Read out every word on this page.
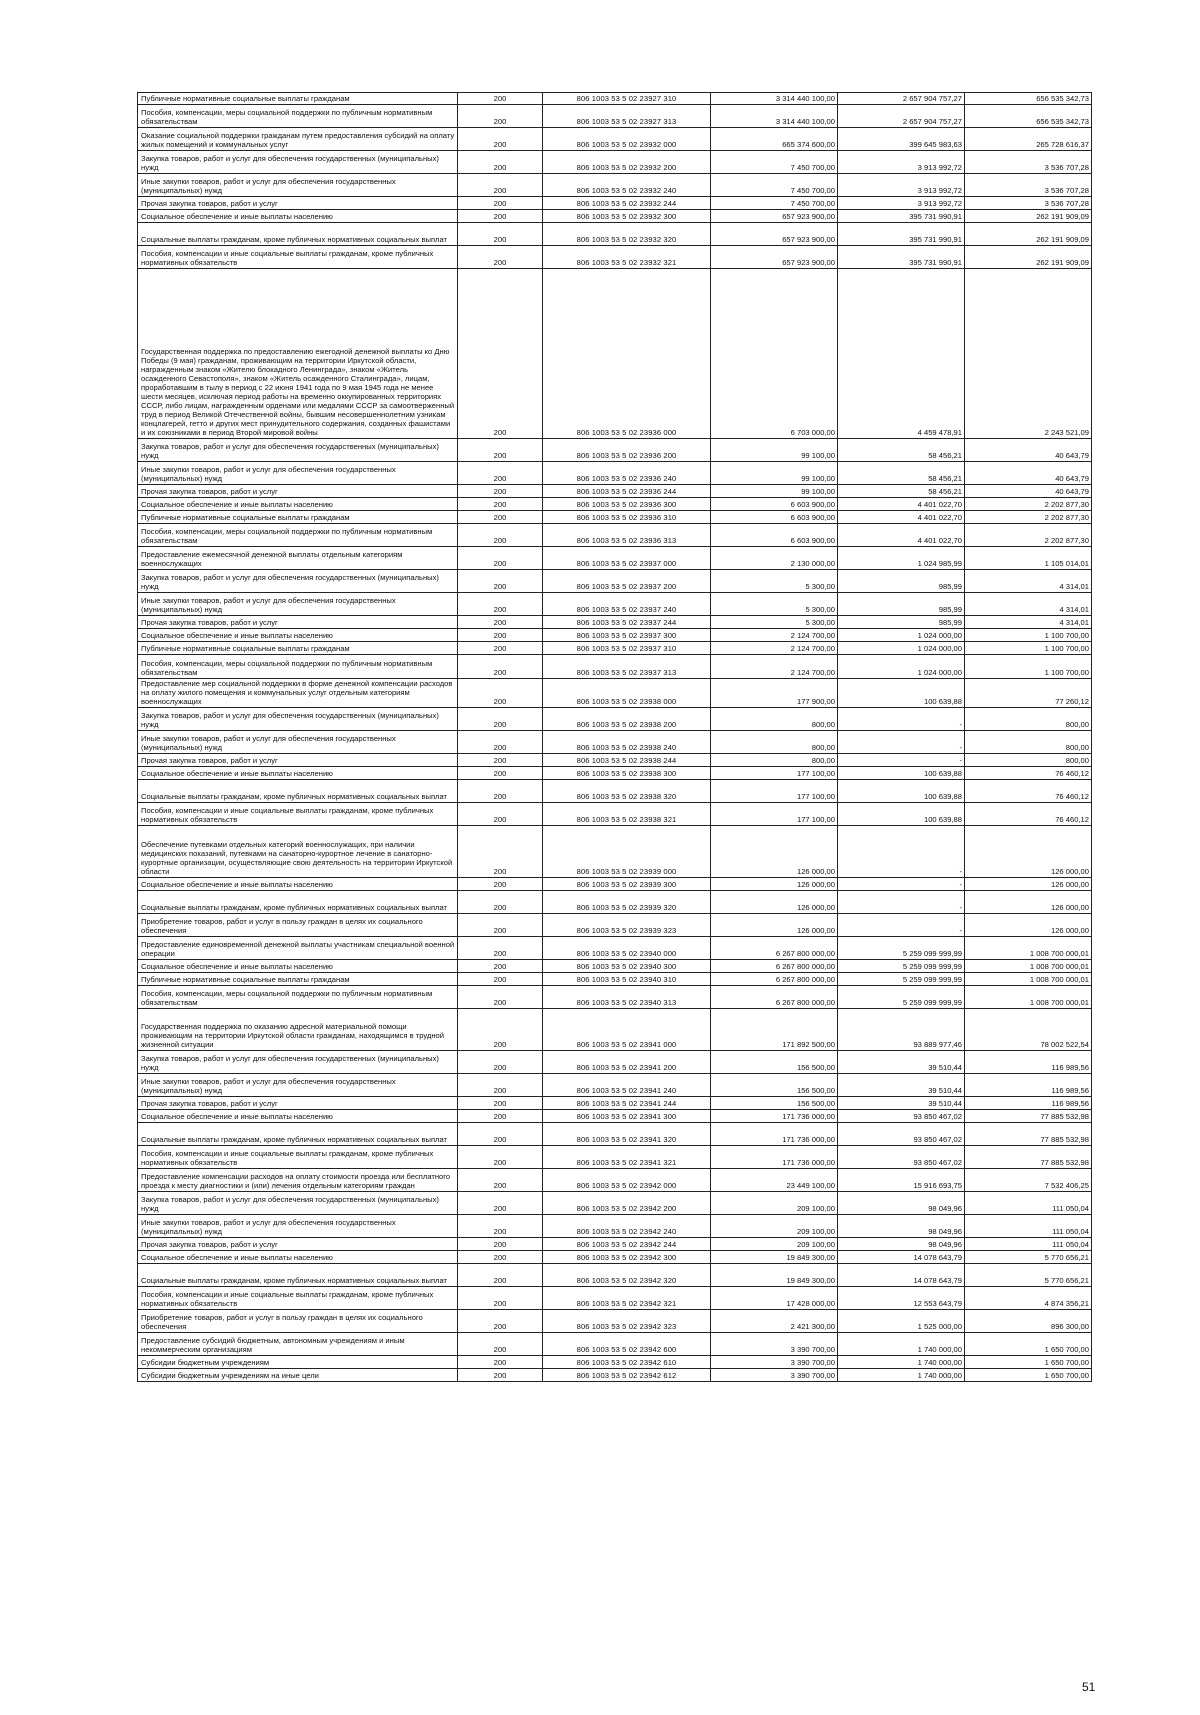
Публичные нормативные социальные выплаты гражданам	200	806 1003 53 5 02 23927 310	3 314 440 100,00	2 657 904 757,27	656 535 342,73
Пособия, компенсации, меры социальной поддержки по публичным нормативным обязательствам	200	806 1003 53 5 02 23927 313	3 314 440 100,00	2 657 904 757,27	656 535 342,73
Оказание социальной поддержки гражданам путем предоставления субсидий на оплату жилых помещений и коммунальных услуг	200	806 1003 53 5 02 23932 000	665 374 600,00	399 645 983,63	265 728 616,37
Закупка товаров, работ и услуг для обеспечения государственных (муниципальных) нужд	200	806 1003 53 5 02 23932 200	7 450 700,00	3 913 992,72	3 536 707,28
Иные закупки товаров, работ и услуг для обеспечения государственных (муниципальных) нужд	200	806 1003 53 5 02 23932 240	7 450 700,00	3 913 992,72	3 536 707,28
Прочая закупка товаров, работ и услуг	200	806 1003 53 5 02 23932 244	7 450 700,00	3 913 992,72	3 536 707,28
Социальное обеспечение и иные выплаты населению	200	806 1003 53 5 02 23932 300	657 923 900,00	395 731 990,91	262 191 909,09
Социальные выплаты гражданам, кроме публичных нормативных социальных выплат	200	806 1003 53 5 02 23932 320	657 923 900,00	395 731 990,91	262 191 909,09
Пособия, компенсации и иные социальные выплаты гражданам, кроме публичных нормативных обязательств	200	806 1003 53 5 02 23932 321	657 923 900,00	395 731 990,91	262 191 909,09
Государственная поддержка по предоставлению ежегодной денежной выплаты ко Дню Победы (9 мая) гражданам, проживающим на территории Иркутской области, награжденным знаком «Жителю блокадного Ленинграда», знаком «Житель осажденного Севастополя», знаком «Житель осажденного Сталинграда», лицам, проработавшим в тылу в период с 22 июня 1941 года по 9 мая 1945 года не менее шести месяцев, исключая период работы на временно оккупированных территориях СССР, либо лицам, награжденным орденами или медалями СССР за самоотверженный труд в период Великой Отечественной войны, бывшим несовершеннолетним узникам концлагерей, гетто и других мест принудительного содержания, созданных фашистами и их союзниками в период Второй мировой войны	200	806 1003 53 5 02 23936 000	6 703 000,00	4 459 478,91	2 243 521,09
Закупка товаров, работ и услуг для обеспечения государственных (муниципальных) нужд	200	806 1003 53 5 02 23936 200	99 100,00	58 456,21	40 643,79
Иные закупки товаров, работ и услуг для обеспечения государственных (муниципальных) нужд	200	806 1003 53 5 02 23936 240	99 100,00	58 456,21	40 643,79
Прочая закупка товаров, работ и услуг	200	806 1003 53 5 02 23936 244	99 100,00	58 456,21	40 643,79
Социальное обеспечение и иные выплаты населению	200	806 1003 53 5 02 23936 300	6 603 900,00	4 401 022,70	2 202 877,30
Публичные нормативные социальные выплаты гражданам	200	806 1003 53 5 02 23936 310	6 603 900,00	4 401 022,70	2 202 877,30
Пособия, компенсации, меры социальной поддержки по публичным нормативным обязательствам	200	806 1003 53 5 02 23936 313	6 603 900,00	4 401 022,70	2 202 877,30
Предоставление ежемесячной денежной выплаты отдельным категориям военнослужащих	200	806 1003 53 5 02 23937 000	2 130 000,00	1 024 985,99	1 105 014,01
Закупка товаров, работ и услуг для обеспечения государственных (муниципальных) нужд	200	806 1003 53 5 02 23937 200	5 300,00	985,99	4 314,01
Иные закупки товаров, работ и услуг для обеспечения государственных (муниципальных) нужд	200	806 1003 53 5 02 23937 240	5 300,00	985,99	4 314,01
Прочая закупка товаров, работ и услуг	200	806 1003 53 5 02 23937 244	5 300,00	985,99	4 314,01
Социальное обеспечение и иные выплаты населению	200	806 1003 53 5 02 23937 300	2 124 700,00	1 024 000,00	1 100 700,00
Публичные нормативные социальные выплаты гражданам	200	806 1003 53 5 02 23937 310	2 124 700,00	1 024 000,00	1 100 700,00
Пособия, компенсации, меры социальной поддержки по публичным нормативным обязательствам	200	806 1003 53 5 02 23937 313	2 124 700,00	1 024 000,00	1 100 700,00
Предоставление мер социальной поддержки в форме денежной компенсации расходов на оплату жилого помещения и коммунальных услуг отдельным категориям военнослужащих	200	806 1003 53 5 02 23938 000	177 900,00	100 639,88	77 260,12
Закупка товаров, работ и услуг для обеспечения государственных (муниципальных) нужд	200	806 1003 53 5 02 23938 200	800,00	-	800,00
Иные закупки товаров, работ и услуг для обеспечения государственных (муниципальных) нужд	200	806 1003 53 5 02 23938 240	800,00	-	800,00
Прочая закупка товаров, работ и услуг	200	806 1003 53 5 02 23938 244	800,00	-	800,00
Социальное обеспечение и иные выплаты населению	200	806 1003 53 5 02 23938 300	177 100,00	100 639,88	76 460,12
Социальные выплаты гражданам, кроме публичных нормативных социальных выплат	200	806 1003 53 5 02 23938 320	177 100,00	100 639,88	76 460,12
Пособия, компенсации и иные социальные выплаты гражданам, кроме публичных нормативных обязательств	200	806 1003 53 5 02 23938 321	177 100,00	100 639,88	76 460,12
Обеспечение путевками отдельных категорий военнослужащих, при наличии медицинских показаний, путевками на санаторно-курортное лечение в санаторно-курортные организации, осуществляющие свою деятельность на территории Иркутской области	200	806 1003 53 5 02 23939 000	126 000,00	-	126 000,00
Социальное обеспечение и иные выплаты населению	200	806 1003 53 5 02 23939 300	126 000,00	-	126 000,00
Социальные выплаты гражданам, кроме публичных нормативных социальных выплат	200	806 1003 53 5 02 23939 320	126 000,00	-	126 000,00
Приобретение товаров, работ и услуг в пользу граждан в целях их социального обеспечения	200	806 1003 53 5 02 23939 323	126 000,00	-	126 000,00
Предоставление единовременной денежной выплаты участникам специальной военной операции	200	806 1003 53 5 02 23940 000	6 267 800 000,00	5 259 099 999,99	1 008 700 000,01
Социальное обеспечение и иные выплаты населению	200	806 1003 53 5 02 23940 300	6 267 800 000,00	5 259 099 999,99	1 008 700 000,01
Публичные нормативные социальные выплаты гражданам	200	806 1003 53 5 02 23940 310	6 267 800 000,00	5 259 099 999,99	1 008 700 000,01
Пособия, компенсации, меры социальной поддержки по публичным нормативным обязательствам	200	806 1003 53 5 02 23940 313	6 267 800 000,00	5 259 099 999,99	1 008 700 000,01
Государственная поддержка по оказанию адресной материальной помощи проживающим на территории Иркутской области гражданам, находящимся в трудной жизненной ситуации	200	806 1003 53 5 02 23941 000	171 892 500,00	93 889 977,46	78 002 522,54
Закупка товаров, работ и услуг для обеспечения государственных (муниципальных) нужд	200	806 1003 53 5 02 23941 200	156 500,00	39 510,44	116 989,56
Иные закупки товаров, работ и услуг для обеспечения государственных (муниципальных) нужд	200	806 1003 53 5 02 23941 240	156 500,00	39 510,44	116 989,56
Прочая закупка товаров, работ и услуг	200	806 1003 53 5 02 23941 244	156 500,00	39 510,44	116 989,56
Социальное обеспечение и иные выплаты населению	200	806 1003 53 5 02 23941 300	171 736 000,00	93 850 467,02	77 885 532,98
Социальные выплаты гражданам, кроме публичных нормативных социальных выплат	200	806 1003 53 5 02 23941 320	171 736 000,00	93 850 467,02	77 885 532,98
Пособия, компенсации и иные социальные выплаты гражданам, кроме публичных нормативных обязательств	200	806 1003 53 5 02 23941 321	171 736 000,00	93 850 467,02	77 885 532,98
Предоставление компенсации расходов на оплату стоимости проезда или бесплатного проезда к месту диагностики и (или) лечения отдельным категориям граждан	200	806 1003 53 5 02 23942 000	23 449 100,00	15 916 693,75	7 532 406,25
Закупка товаров, работ и услуг для обеспечения государственных (муниципальных) нужд	200	806 1003 53 5 02 23942 200	209 100,00	98 049,96	111 050,04
Иные закупки товаров, работ и услуг для обеспечения государственных (муниципальных) нужд	200	806 1003 53 5 02 23942 240	209 100,00	98 049,96	111 050,04
Прочая закупка товаров, работ и услуг	200	806 1003 53 5 02 23942 244	209 100,00	98 049,96	111 050,04
Социальное обеспечение и иные выплаты населению	200	806 1003 53 5 02 23942 300	19 849 300,00	14 078 643,79	5 770 656,21
Социальные выплаты гражданам, кроме публичных нормативных социальных выплат	200	806 1003 53 5 02 23942 320	19 849 300,00	14 078 643,79	5 770 656,21
Пособия, компенсации и иные социальные выплаты гражданам, кроме публичных нормативных обязательств	200	806 1003 53 5 02 23942 321	17 428 000,00	12 553 643,79	4 874 356,21
Приобретение товаров, работ и услуг в пользу граждан в целях их социального обеспечения	200	806 1003 53 5 02 23942 323	2 421 300,00	1 525 000,00	896 300,00
Предоставление субсидий бюджетным, автономным учреждениям и иным некоммерческим организациям	200	806 1003 53 5 02 23942 600	3 390 700,00	1 740 000,00	1 650 700,00
Субсидии бюджетным учреждениям	200	806 1003 53 5 02 23942 610	3 390 700,00	1 740 000,00	1 650 700,00
Субсидии бюджетным учреждениям на иные цели	200	806 1003 53 5 02 23942 612	3 390 700,00	1 740 000,00	1 650 700,00
51
